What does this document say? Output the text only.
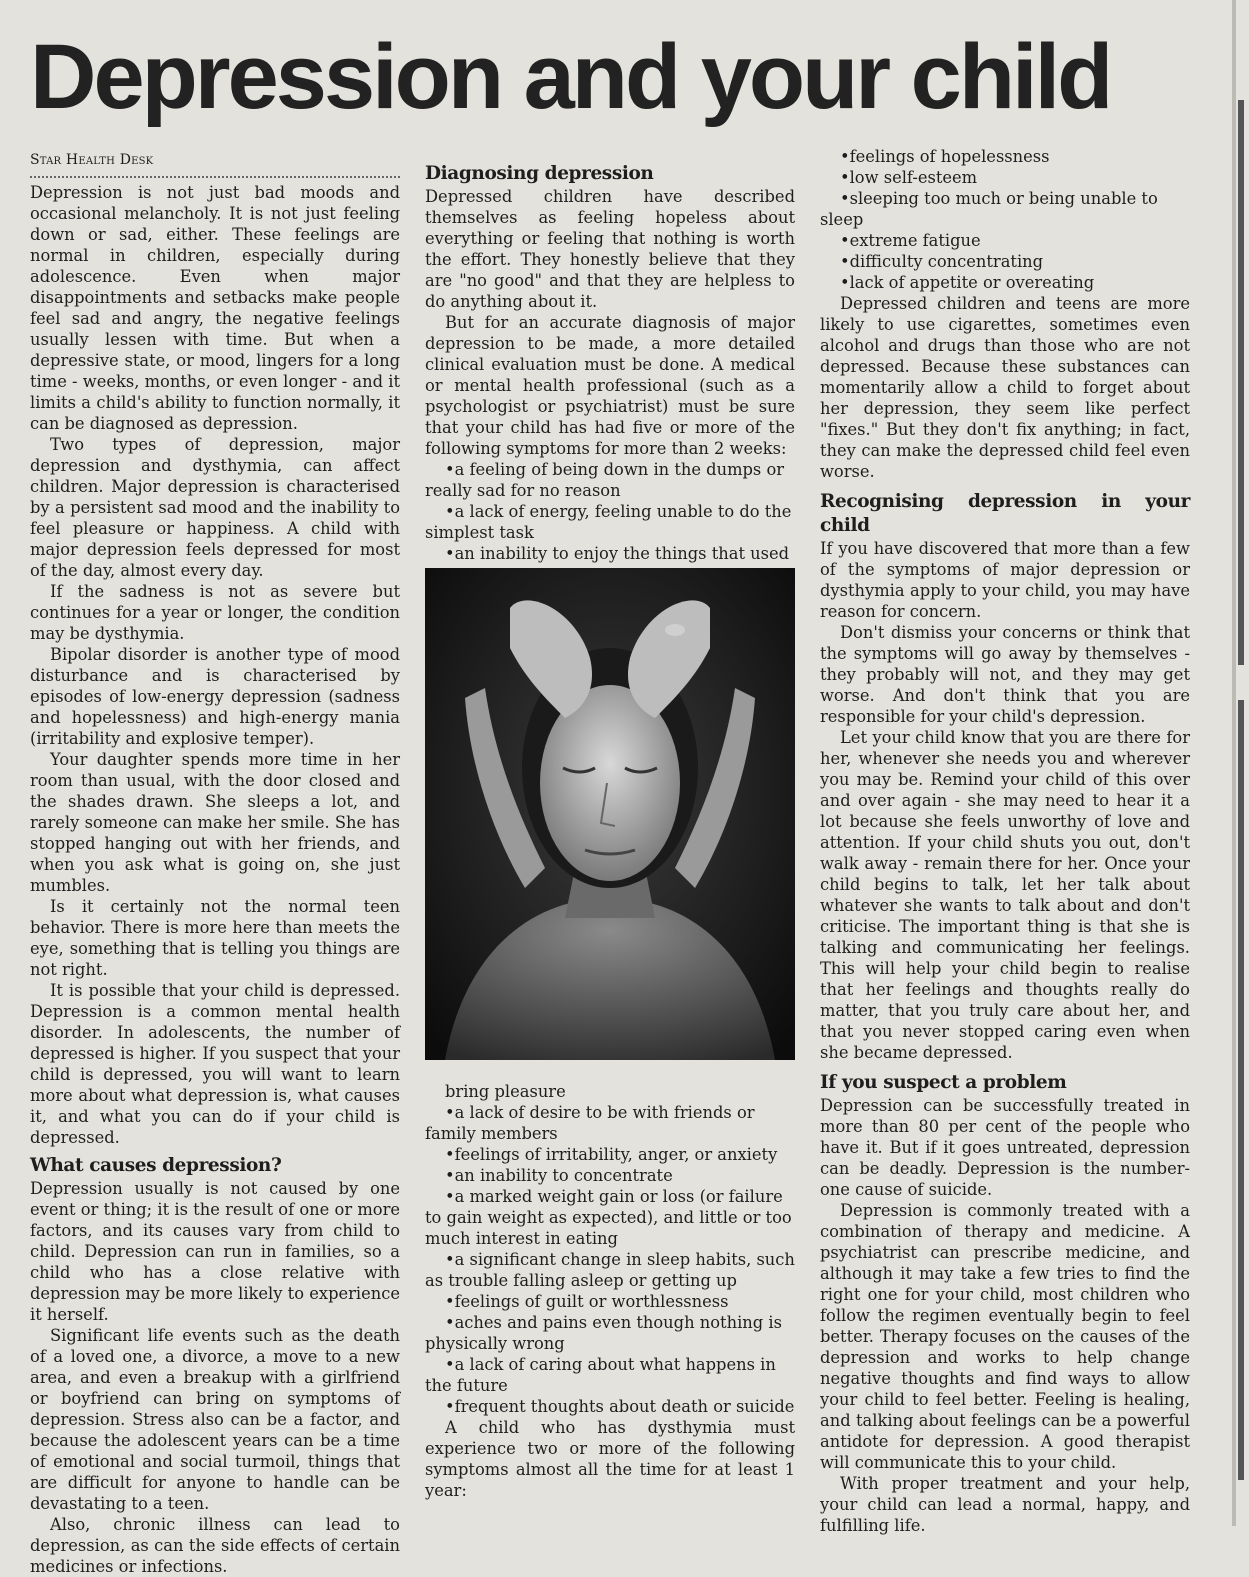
Depression and your child
Star Health Desk

Depression is not just bad moods and occasional melancholy. It is not just feeling down or sad, either. These feelings are normal in children, especially during adolescence. Even when major disappointments and setbacks make people feel sad and angry, the negative feelings usually lessen with time. But when a depressive state, or mood, lingers for a long time - weeks, months, or even longer - and it limits a child's ability to function normally, it can be diagnosed as depression.

Two types of depression, major depression and dysthymia, can affect children. Major depression is characterised by a persistent sad mood and the inability to feel pleasure or happiness. A child with major depression feels depressed for most of the day, almost every day.

If the sadness is not as severe but continues for a year or longer, the condition may be dysthymia.

Bipolar disorder is another type of mood disturbance and is characterised by episodes of low-energy depression (sadness and hopelessness) and high-energy mania (irritability and explosive temper).

Your daughter spends more time in her room than usual, with the door closed and the shades drawn. She sleeps a lot, and rarely someone can make her smile. She has stopped hanging out with her friends, and when you ask what is going on, she just mumbles.

Is it certainly not the normal teen behavior. There is more here than meets the eye, something that is telling you things are not right.

It is possible that your child is depressed. Depression is a common mental health disorder. In adolescents, the number of depressed is higher. If you suspect that your child is depressed, you will want to learn more about what depression is, what causes it, and what you can do if your child is depressed.

What causes depression?

Depression usually is not caused by one event or thing; it is the result of one or more factors, and its causes vary from child to child. Depression can run in families, so a child who has a close relative with depression may be more likely to experience it herself.

Significant life events such as the death of a loved one, a divorce, a move to a new area, and even a breakup with a girlfriend or boyfriend can bring on symptoms of depression. Stress also can be a factor, and because the adolescent years can be a time of emotional and social turmoil, things that are difficult for anyone to handle can be devastating to a teen.

Also, chronic illness can lead to depression, as can the side effects of certain medicines or infections.

Diagnosing depression

Depressed children have described themselves as feeling hopeless about everything or feeling that nothing is worth the effort. They honestly believe that they are "no good" and that they are helpless to do anything about it.

But for an accurate diagnosis of major depression to be made, a more detailed clinical evaluation must be done. A medical or mental health professional (such as a psychologist or psychiatrist) must be sure that your child has had five or more of the following symptoms for more than 2 weeks:

•a feeling of being down in the dumps or really sad for no reason

•a lack of energy, feeling unable to do the simplest task

•an inability to enjoy the things that used

bring pleasure

•a lack of desire to be with friends or family members

•feelings of irritability, anger, or anxiety

•an inability to concentrate

•a marked weight gain or loss (or failure to gain weight as expected), and little or too much interest in eating

•a significant change in sleep habits, such as trouble falling asleep or getting up

•feelings of guilt or worthlessness

•aches and pains even though nothing is physically wrong

•a lack of caring about what happens in the future

•frequent thoughts about death or suicide

A child who has dysthymia must experience two or more of the following symptoms almost all the time for at least 1 year:

•feelings of hopelessness

•low self-esteem

•sleeping too much or being unable to sleep

•extreme fatigue

•difficulty concentrating

•lack of appetite or overeating

Depressed children and teens are more likely to use cigarettes, sometimes even alcohol and drugs than those who are not depressed. Because these substances can momentarily allow a child to forget about her depression, they seem like perfect "fixes." But they don't fix anything; in fact, they can make the depressed child feel even worse.

Recognising depression in your child

If you have discovered that more than a few of the symptoms of major depression or dysthymia apply to your child, you may have reason for concern.

Don't dismiss your concerns or think that the symptoms will go away by themselves - they probably will not, and they may get worse. And don't think that you are responsible for your child's depression.

Let your child know that you are there for her, whenever she needs you and wherever you may be. Remind your child of this over and over again - she may need to hear it a lot because she feels unworthy of love and attention. If your child shuts you out, don't walk away - remain there for her. Once your child begins to talk, let her talk about whatever she wants to talk about and don't criticise. The important thing is that she is talking and communicating her feelings. This will help your child begin to realise that her feelings and thoughts really do matter, that you truly care about her, and that you never stopped caring even when she became depressed.

If you suspect a problem

Depression can be successfully treated in more than 80 per cent of the people who have it. But if it goes untreated, depression can be deadly. Depression is the number-one cause of suicide.

Depression is commonly treated with a combination of therapy and medicine. A psychiatrist can prescribe medicine, and although it may take a few tries to find the right one for your child, most children who follow the regimen eventually begin to feel better. Therapy focuses on the causes of the depression and works to help change negative thoughts and find ways to allow your child to feel better. Feeling is healing, and talking about feelings can be a powerful antidote for depression. A good therapist will communicate this to your child.

With proper treatment and your help, your child can lead a normal, happy, and fulfilling life.
